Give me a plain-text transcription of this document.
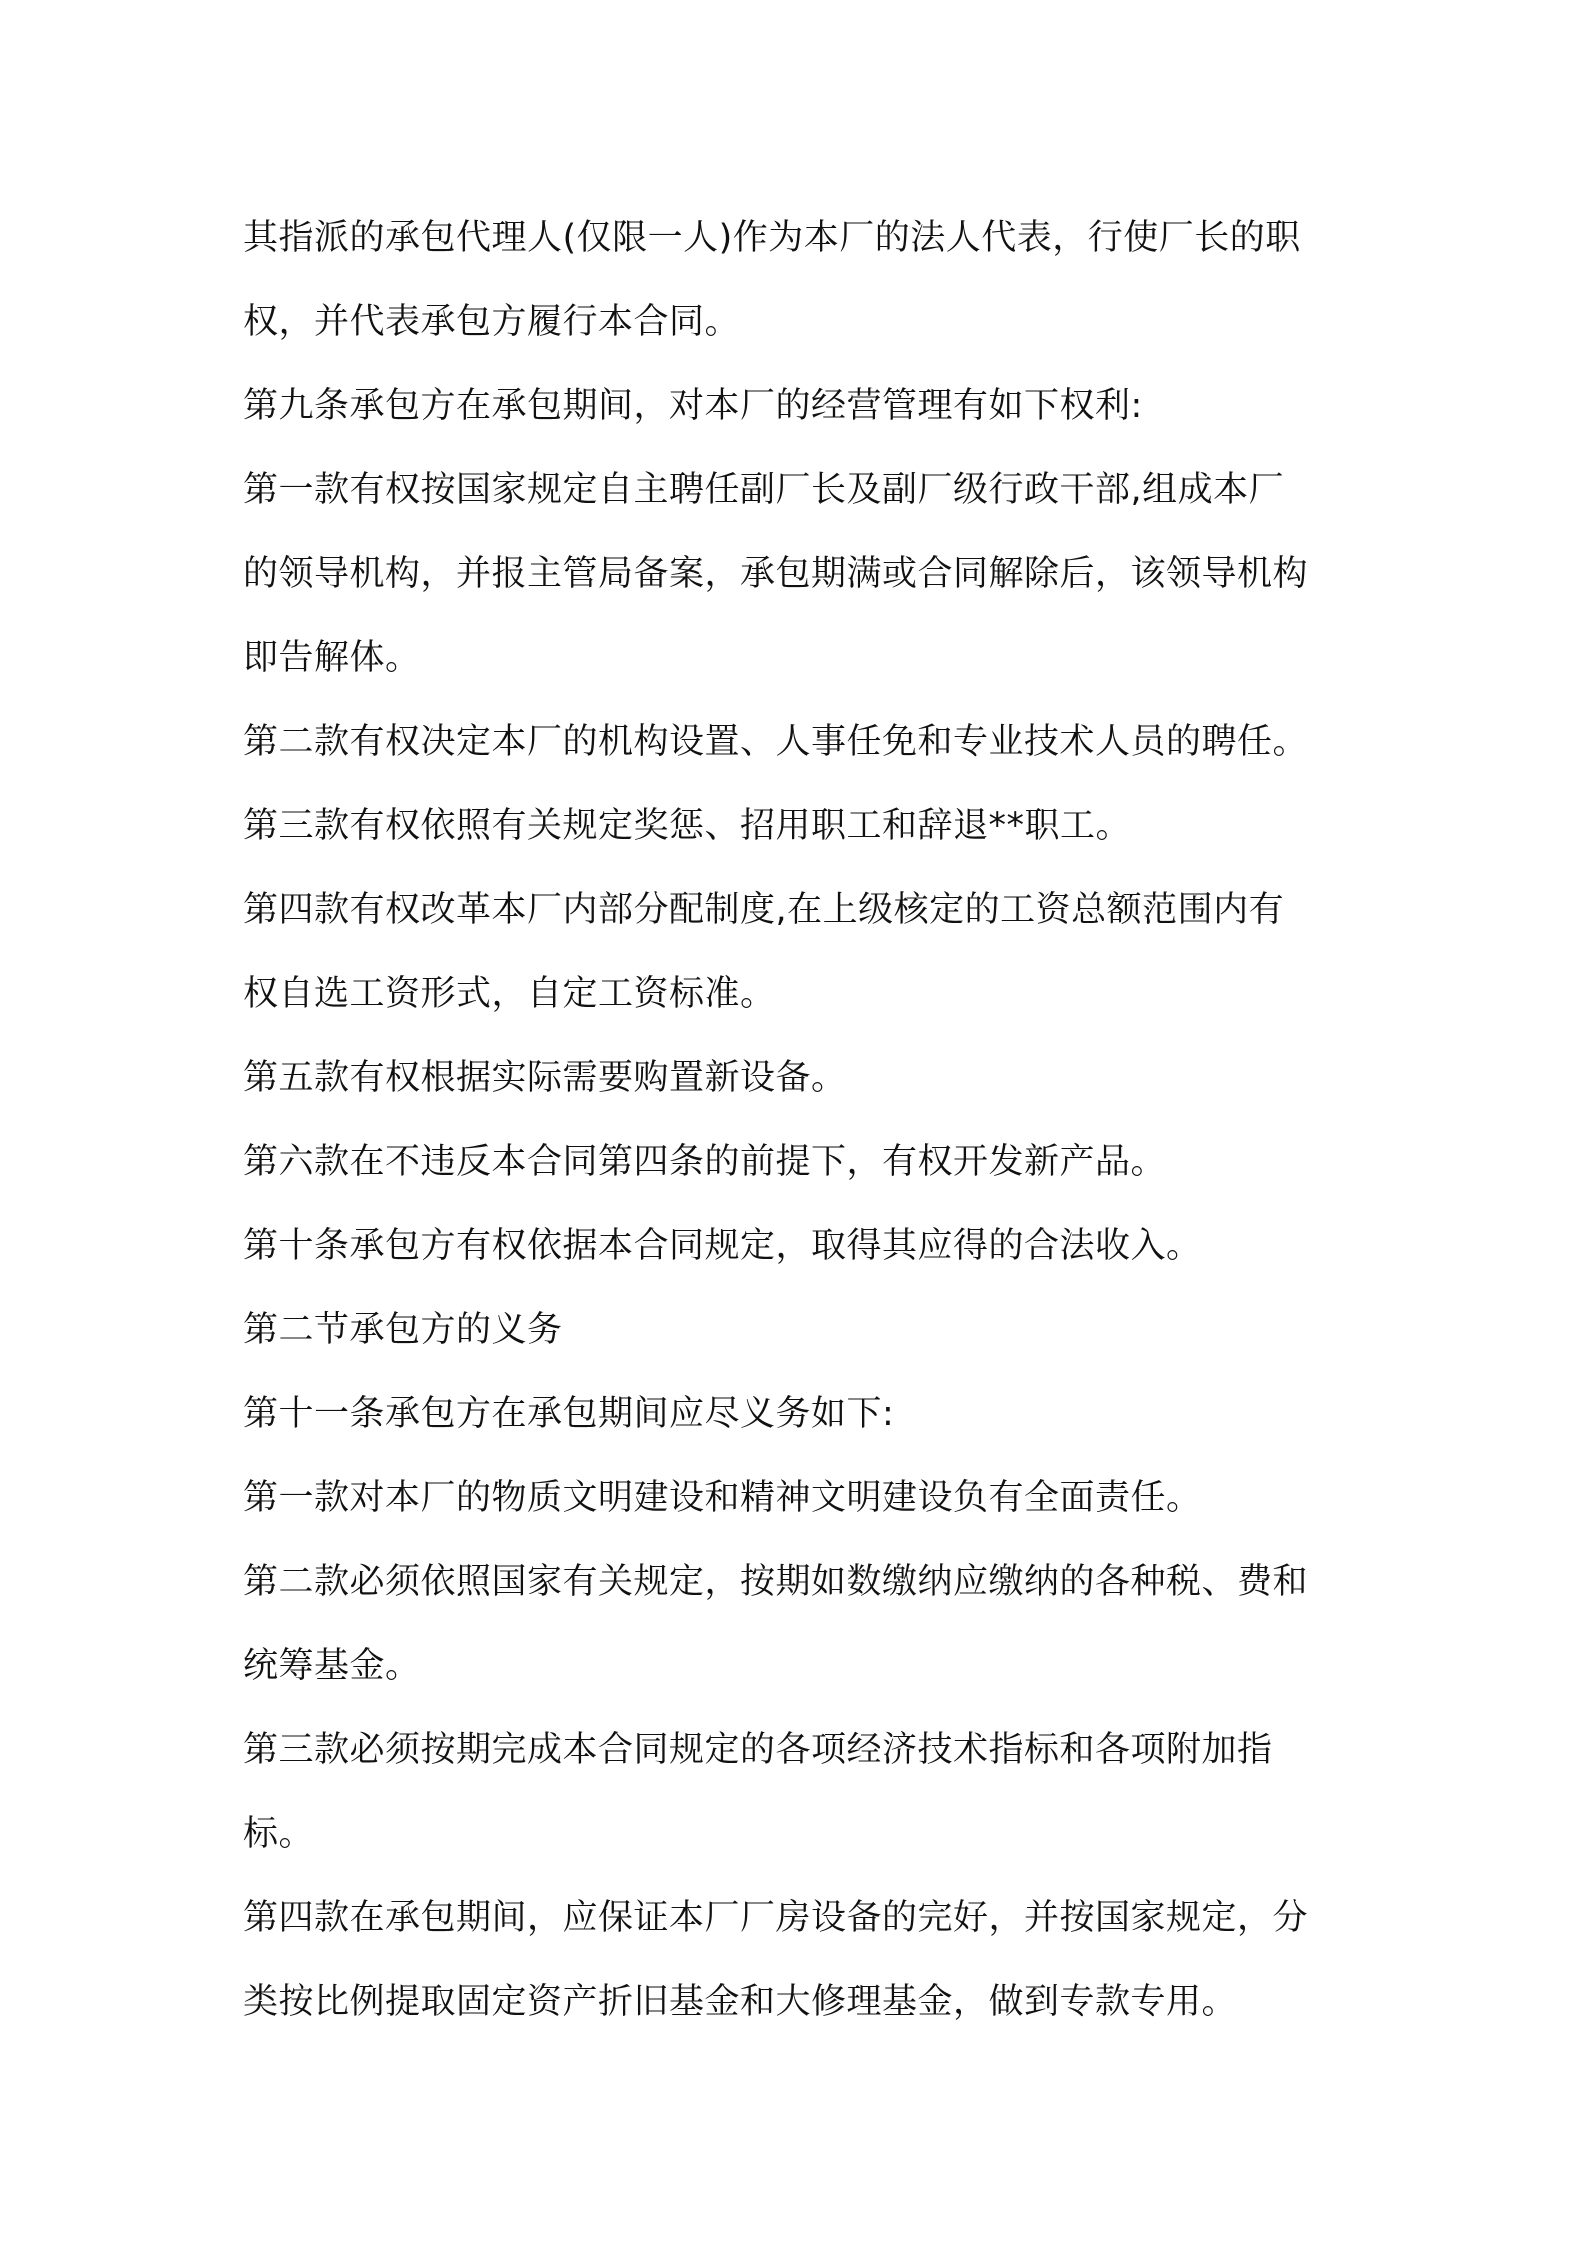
其指派的承包代理人(仅限一人)作为本厂的法人代表，行使厂长的职

权，并代表承包方履行本合同。

第九条承包方在承包期间，对本厂的经营管理有如下权利:

第一款有权按国家规定自主聘任副厂长及副厂级行政干部,组成本厂

的领导机构，并报主管局备案，承包期满或合同解除后，该领导机构

即告解体。

第二款有权决定本厂的机构设置、人事任免和专业技术人员的聘任。

第三款有权依照有关规定奖惩、招用职工和辞退**职工。

第四款有权改革本厂内部分配制度,在上级核定的工资总额范围内有

权自选工资形式，自定工资标准。

第五款有权根据实际需要购置新设备。

第六款在不违反本合同第四条的前提下，有权开发新产品。

第十条承包方有权依据本合同规定，取得其应得的合法收入。

第二节承包方的义务

第十一条承包方在承包期间应尽义务如下:

第一款对本厂的物质文明建设和精神文明建设负有全面责任。

第二款必须依照国家有关规定，按期如数缴纳应缴纳的各种税、费和

统筹基金。

第三款必须按期完成本合同规定的各项经济技术指标和各项附加指

标。

第四款在承包期间，应保证本厂厂房设备的完好，并按国家规定，分

类按比例提取固定资产折旧基金和大修理基金，做到专款专用。
